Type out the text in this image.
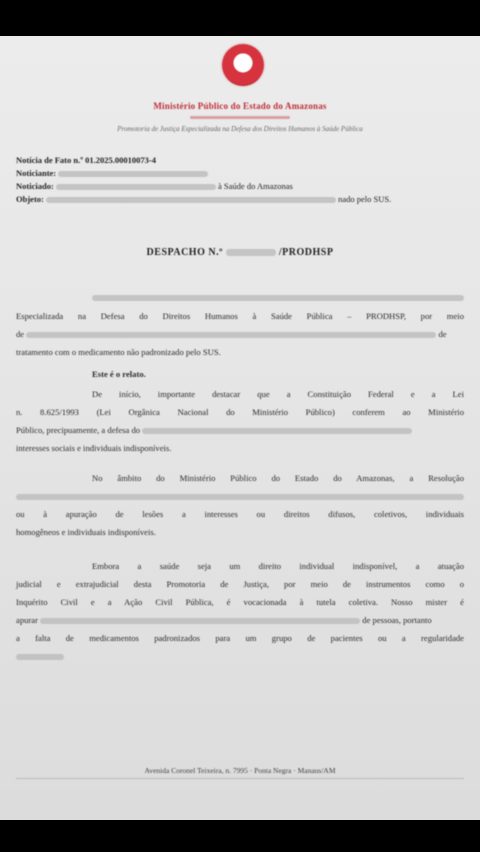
Ministério Público do Estado do Amazonas
Promotoria de Justiça Especializada na Defesa dos Direitos Humanos à Saúde Pública
Notícia de Fato n.º 01.2025.00010073-4
Noticiante:
Noticiado:	à Saúde do Amazonas
Objeto:	nado pelo SUS.
DESPACHO N.º	/PRODHSP
Especializada na Defesa do Direitos Humanos à Saúde Pública – PRODHSP, por meio
de	de
tratamento com o medicamento não padronizado pelo SUS.
Este é o relato.
De início, importante destacar que a Constituição Federal e a Lei
n. 8.625/1993 (Lei Orgânica Nacional do Ministério Público) conferem ao Ministério
Público, precipuamente, a defesa do
interesses sociais e individuais indisponíveis.
No âmbito do Ministério Público do Estado do Amazonas, a Resolução
ou à apuração de lesões a interesses ou direitos difusos, coletivos, individuais
homogêneos e individuais indisponíveis.
Embora a saúde seja um direito individual indisponível, a atuação
judicial e extrajudicial desta Promotoria de Justiça, por meio de instrumentos como o
Inquérito Civil e a Ação Civil Pública, é vocacionada à tutela coletiva. Nosso mister é
apurar	de pessoas, portanto
a falta de medicamentos padronizados para um grupo de pacientes ou a regularidade
Avenida Coronel Teixeira, n. 7995 · Ponta Negra · Manaus/AM
